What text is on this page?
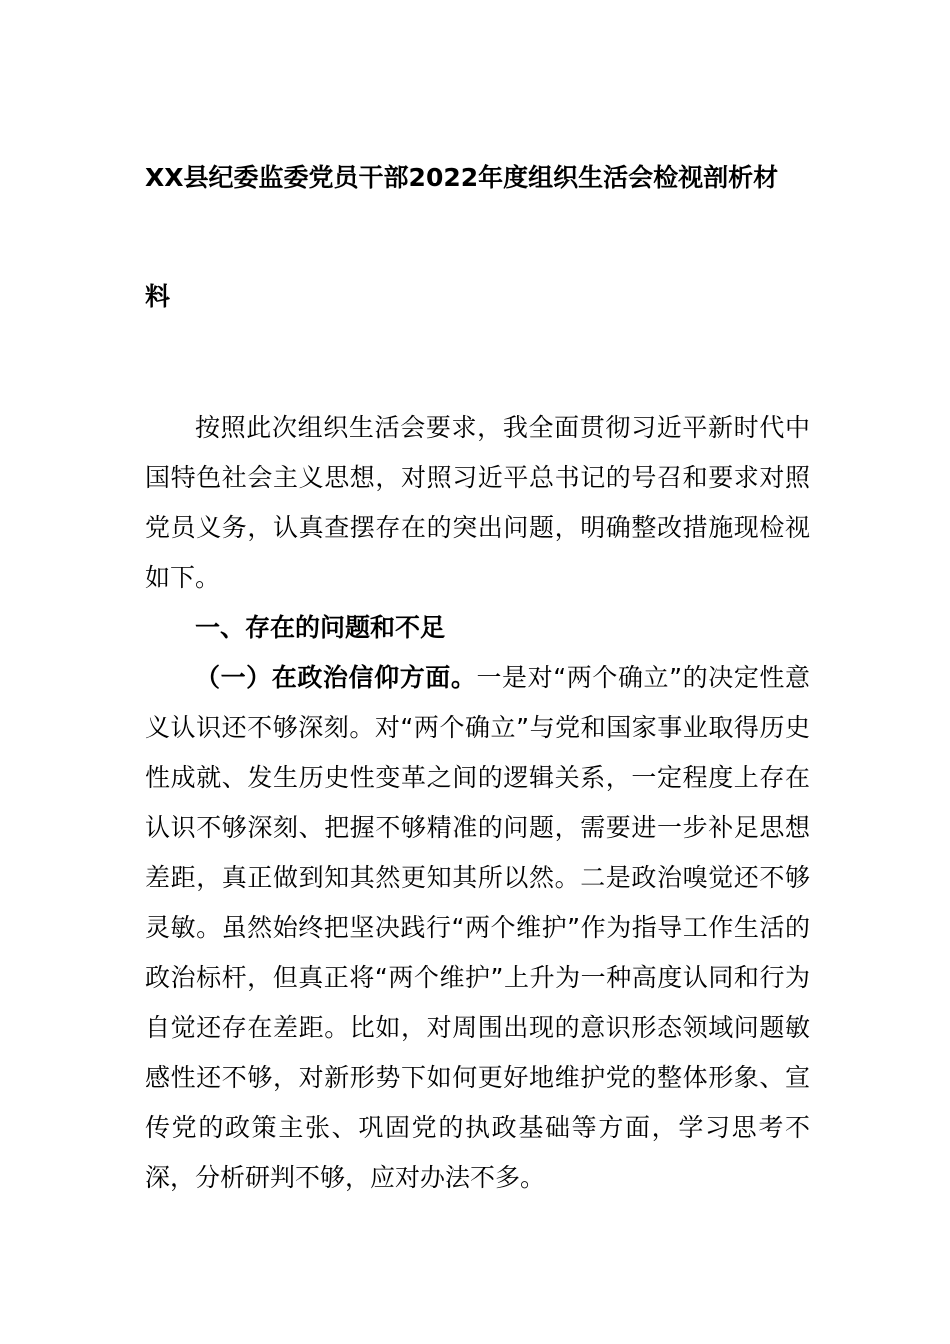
XX县纪委监委党员干部2022年度组织生活会检视剖析材
料

按照此次组织生活会要求，我全面贯彻习近平新时代中国特色社会主义思想，对照习近平总书记的号召和要求对照党员义务，认真查摆存在的突出问题，明确整改措施现检视如下。

一、存在的问题和不足

（一）在政治信仰方面。一是对“两个确立”的决定性意义认识还不够深刻。对“两个确立”与党和国家事业取得历史性成就、发生历史性变革之间的逻辑关系，一定程度上存在认识不够深刻、把握不够精准的问题，需要进一步补足思想差距，真正做到知其然更知其所以然。二是政治嗅觉还不够灵敏。虽然始终把坚决践行“两个维护”作为指导工作生活的政治标杆，但真正将“两个维护”上升为一种高度认同和行为自觉还存在差距。比如，对周围出现的意识形态领域问题敏感性还不够，对新形势下如何更好地维护党的整体形象、宣传党的政策主张、巩固党的执政基础等方面，学习思考不深，分析研判不够，应对办法不多。
